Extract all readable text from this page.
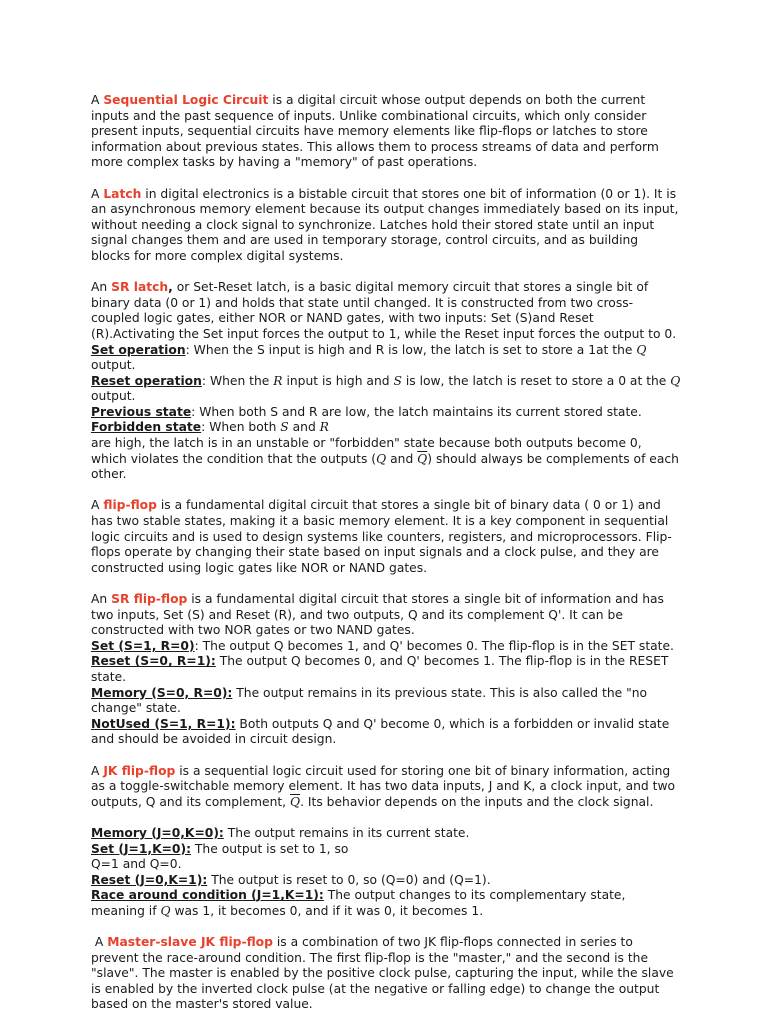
A Sequential Logic Circuit is a digital circuit whose output depends on both the current inputs and the past sequence of inputs. Unlike combinational circuits, which only consider present inputs, sequential circuits have memory elements like flip-flops or latches to store information about previous states. This allows them to process streams of data and perform more complex tasks by having a "memory" of past operations.

A Latch in digital electronics is a bistable circuit that stores one bit of information (0 or 1). It is an asynchronous memory element because its output changes immediately based on its input, without needing a clock signal to synchronize. Latches hold their stored state until an input signal changes them and are used in temporary storage, control circuits, and as building blocks for more complex digital systems.

An SR latch, or Set-Reset latch, is a basic digital memory circuit that stores a single bit of binary data (0 or 1) and holds that state until changed. It is constructed from two cross-coupled logic gates, either NOR or NAND gates, with two inputs: Set (S)and Reset (R).Activating the Set input forces the output to 1, while the Reset input forces the output to 0.
Set operation: When the S input is high and R is low, the latch is set to store a 1at the Q output.
Reset operation: When the R input is high and S is low, the latch is reset to store a 0 at the Q output.
Previous state: When both S and R are low, the latch maintains its current stored state.
Forbidden state: When both S and R
are high, the latch is in an unstable or "forbidden" state because both outputs become 0, which violates the condition that the outputs (Q and $\overline{Q}$) should always be complements of each other.

A flip-flop is a fundamental digital circuit that stores a single bit of binary data ( 0 or 1) and has two stable states, making it a basic memory element. It is a key component in sequential logic circuits and is used to design systems like counters, registers, and microprocessors. Flip-flops operate by changing their state based on input signals and a clock pulse, and they are constructed using logic gates like NOR or NAND gates.

An SR flip-flop is a fundamental digital circuit that stores a single bit of information and has two inputs, Set (S) and Reset (R), and two outputs, Q and its complement Q'. It can be constructed with two NOR gates or two NAND gates.
Set (S=1, R=0): The output Q becomes 1, and Q' becomes 0. The flip-flop is in the SET state.
Reset (S=0, R=1): The output Q becomes 0, and Q' becomes 1. The flip-flop is in the RESET state.
Memory (S=0, R=0): The output remains in its previous state. This is also called the "no change" state.
NotUsed (S=1, R=1): Both outputs Q and Q' become 0, which is a forbidden or invalid state and should be avoided in circuit design.

A JK flip-flop is a sequential logic circuit used for storing one bit of binary information, acting as a toggle-switchable memory element. It has two data inputs, J and K, a clock input, and two outputs, Q and its complement, $\overline{Q}$. Its behavior depends on the inputs and the clock signal.

Memory (J=0,K=0): The output remains in its current state.
Set (J=1,K=0): The output is set to 1, so
Q=1 and Q=0.
Reset (J=0,K=1): The output is reset to 0, so (Q=0) and (Q=1).
Race around condition (J=1,K=1): The output changes to its complementary state, meaning if Q was 1, it becomes 0, and if it was 0, it becomes 1.

A Master-slave JK flip-flop is a combination of two JK flip-flops connected in series to prevent the race-around condition. The first flip-flop is the "master," and the second is the "slave". The master is enabled by the positive clock pulse, capturing the input, while the slave is enabled by the inverted clock pulse (at the negative or falling edge) to change the output based on the master's stored value.
